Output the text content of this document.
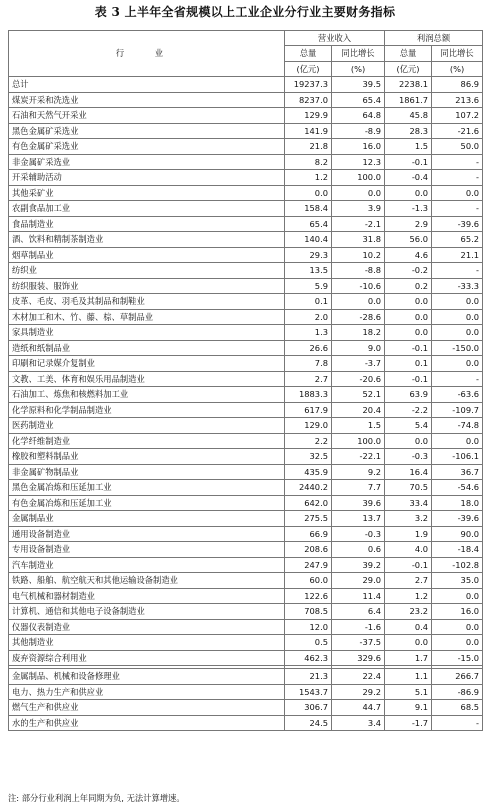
表 3 上半年全省规模以上工业企业分行业主要财务指标
行 业	营业收入		利润总额	
	总量	同比增长	总量	同比增长
	(亿元)	(%)	(亿元)	(%)
总计	19237.3	39.5	2238.1	86.9
煤炭开采和洗选业	8237.0	65.4	1861.7	213.6
石油和天然气开采业	129.9	64.8	45.8	107.2
黑色金属矿采选业	141.9	-8.9	28.3	-21.6
有色金属矿采选业	21.8	16.0	1.5	50.0
非金属矿采选业	8.2	12.3	-0.1	-
开采辅助活动	1.2	100.0	-0.4	-
其他采矿业	0.0	0.0	0.0	0.0
农副食品加工业	158.4	3.9	-1.3	-
食品制造业	65.4	-2.1	2.9	-39.6
酒、饮料和精制茶制造业	140.4	31.8	56.0	65.2
烟草制品业	29.3	10.2	4.6	21.1
纺织业	13.5	-8.8	-0.2	-
纺织服装、服饰业	5.9	-10.6	0.2	-33.3
皮革、毛皮、羽毛及其制品和制鞋业	0.1	0.0	0.0	0.0
木材加工和木、竹、藤、棕、草制品业	2.0	-28.6	0.0	0.0
家具制造业	1.3	18.2	0.0	0.0
造纸和纸制品业	26.6	9.0	-0.1	-150.0
印刷和记录媒介复制业	7.8	-3.7	0.1	0.0
文教、工美、体育和娱乐用品制造业	2.7	-20.6	-0.1	-
石油加工、炼焦和核燃料加工业	1883.3	52.1	63.9	-63.6
化学原料和化学制品制造业	617.9	20.4	-2.2	-109.7
医药制造业	129.0	1.5	5.4	-74.8
化学纤维制造业	2.2	100.0	0.0	0.0
橡胶和塑料制品业	32.5	-22.1	-0.3	-106.1
非金属矿物制品业	435.9	9.2	16.4	36.7
黑色金属冶炼和压延加工业	2440.2	7.7	70.5	-54.6
有色金属冶炼和压延加工业	642.0	39.6	33.4	18.0
金属制品业	275.5	13.7	3.2	-39.6
通用设备制造业	66.9	-0.3	1.9	90.0
专用设备制造业	208.6	0.6	4.0	-18.4
汽车制造业	247.9	39.2	-0.1	-102.8
铁路、船舶、航空航天和其他运输设备制造业	60.0	29.0	2.7	35.0
电气机械和器材制造业	122.6	11.4	1.2	0.0
计算机、通信和其他电子设备制造业	708.5	6.4	23.2	16.0
仪器仪表制造业	12.0	-1.6	0.4	0.0
其他制造业	0.5	-37.5	0.0	0.0
废弃资源综合利用业	462.3	329.6	1.7	-15.0

金属制品、机械和设备修理业	21.3	22.4	1.1	266.7
电力、热力生产和供应业	1543.7	29.2	5.1	-86.9
燃气生产和供应业	306.7	44.7	9.1	68.5
水的生产和供应业	24.5	3.4	-1.7	-
注: 部分行业利润上年同期为负, 无法计算增速。
